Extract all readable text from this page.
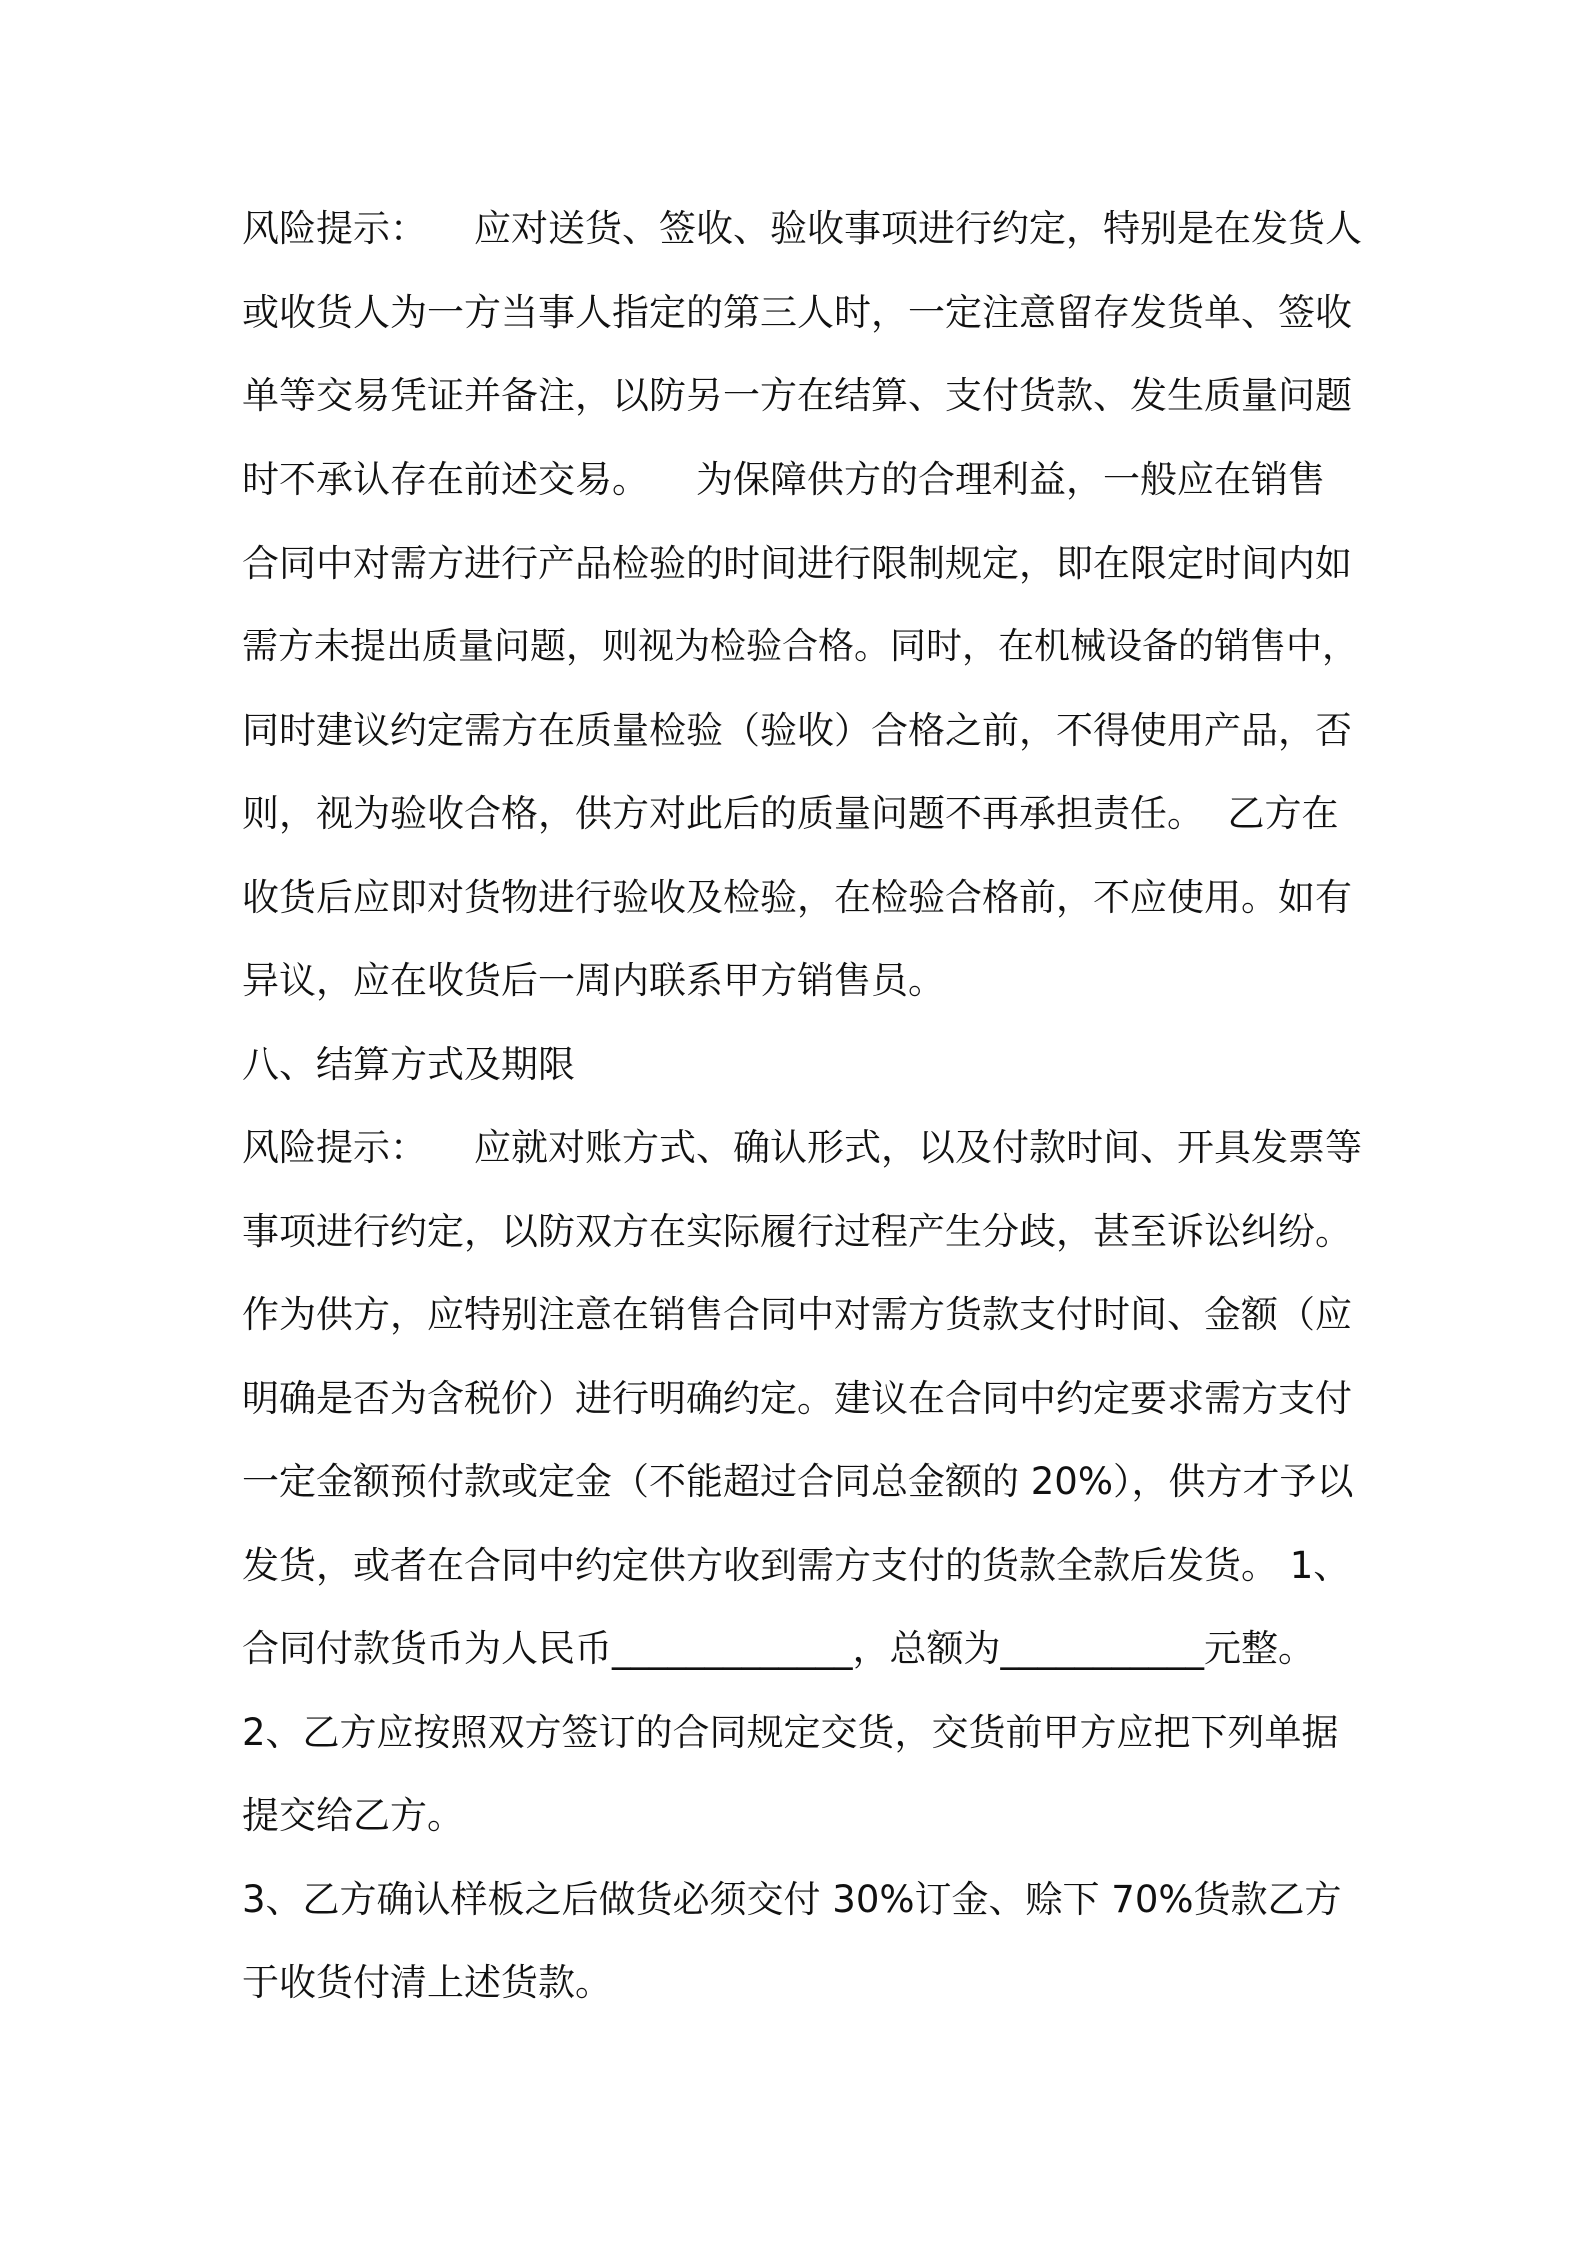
风险提示：    应对送货、签收、验收事项进行约定，特别是在发货人
或收货人为一方当事人指定的第三人时，一定注意留存发货单、签收
单等交易凭证并备注，以防另一方在结算、支付货款、发生质量问题
时不承认存在前述交易。    为保障供方的合理利益，一般应在销售
合同中对需方进行产品检验的时间进行限制规定，即在限定时间内如
需方未提出质量问题，则视为检验合格。同时，在机械设备的销售中，
同时建议约定需方在质量检验（验收）合格之前，不得使用产品，否
则，视为验收合格，供方对此后的质量问题不再承担责任。  乙方在
收货后应即对货物进行验收及检验，在检验合格前，不应使用。如有
异议，应在收货后一周内联系甲方销售员。
八、结算方式及期限
风险提示：    应就对账方式、确认形式，以及付款时间、开具发票等
事项进行约定，以防双方在实际履行过程产生分歧，甚至诉讼纠纷。
作为供方，应特别注意在销售合同中对需方货款支付时间、金额（应
明确是否为含税价）进行明确约定。建议在合同中约定要求需方支付
一定金额预付款或定金（不能超过合同总金额的 20%），供方才予以
发货，或者在合同中约定供方收到需方支付的货款全款后发货。 1、
合同付款货币为人民币_____________，总额为___________元整。
2、乙方应按照双方签订的合同规定交货，交货前甲方应把下列单据
提交给乙方。
3、乙方确认样板之后做货必须交付 30%订金、赊下 70%货款乙方
于收货付清上述货款。
